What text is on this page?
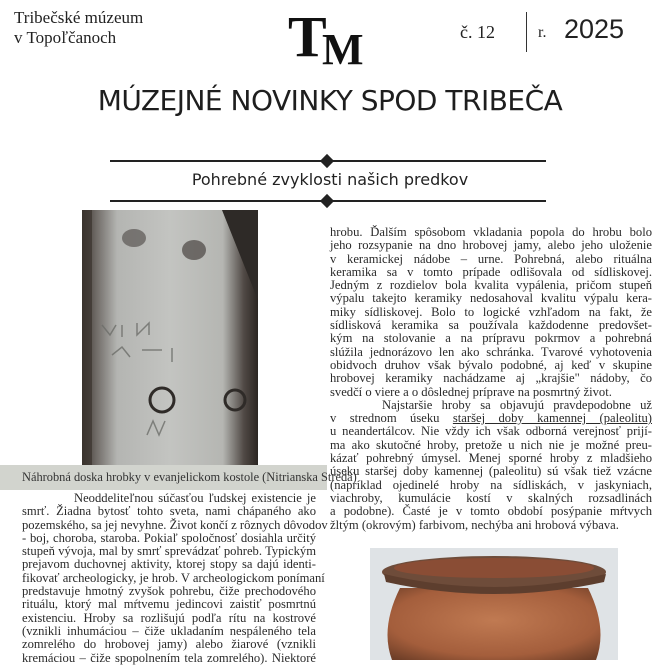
Tribečské múzeum
v Topoľčanoch	T
M	č. 12	r. 2025
MÚZEJNÉ NOVINKY SPOD TRIBEČA
Pohrebné zvyklosti našich predkov
Náhrobná doska hrobky v evanjelickom kostole (Nitrianska Streda)
Neoddeliteľnou súčasťou ľudskej existencie je
smrť. Žiadna bytosť tohto sveta, nami chápaného ako
pozemského, sa jej nevyhne. Život končí z rôznych dôvodov
- boj, choroba, staroba. Pokiaľ spoločnosť dosiahla určitý
stupeň vývoja, mal by smrť sprevádzať pohreb. Typickým
prejavom duchovnej aktivity, ktorej stopy sa dajú identi-
fikovať archeologicky, je hrob. V archeologickom ponímaní
predstavuje hmotný zvyšok pohrebu, čiže prechodového
rituálu, ktorý mal mŕtvemu jedincovi zaistiť posmrtnú
existenciu. Hroby sa rozlišujú podľa rítu na kostrové
(vznikli inhumáciou – čiže ukladaním nespáleného tela
zomrelého do hrobovej jamy) alebo žiarové (vznikli
kremáciou – čiže spopolnením tela zomrelého). Niektoré
hrobu. Ďalším spôsobom vkladania popola do hrobu bolo
jeho rozsypanie na dno hrobovej jamy, alebo jeho uloženie
v keramickej nádobe – urne. Pohrebná, alebo rituálna
keramika sa v tomto prípade odlišovala od sídliskovej.
Jedným z rozdielov bola kvalita vypálenia, pričom stupeň
výpalu takejto keramiky nedosahoval kvalitu výpalu kera-
miky sídliskovej. Bolo to logické vzhľadom na fakt, že
sídlisková keramika sa používala každodenne predovšet-
kým na stolovanie a na prípravu pokrmov a pohrebná
slúžila jednorázovo len ako schránka. Tvarové vyhotovenia
obidvoch druhov však bývalo podobné, aj keď v skupine
hrobovej keramiky nachádzame aj „krajšie" nádoby, čo
svedčí o viere a o dôslednej príprave na posmrtný život.
Najstaršie hroby sa objavujú pravdepodobne už
v strednom úseku staršej doby kamennej (paleolitu)
u neandertálcov. Nie vždy ich však odborná verejnosť prijí-
ma ako skutočné hroby, pretože u nich nie je možné preu-
kázať pohrebný úmysel. Menej sporné hroby z mladšieho
úseku staršej doby kamennej (paleolitu) sú však tiež vzácne
(napríklad ojedinelé hroby na sídliskách, v jaskyniach,
viachroby, kumulácie kostí v skalných rozsadlinách
a podobne). Časté je v tomto období posýpanie mŕtvych
žltým (okrovým) farbivom, nechýba ani hrobová výbava.
